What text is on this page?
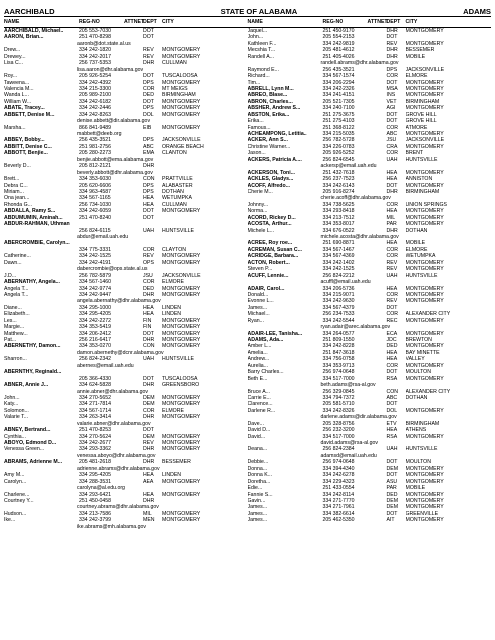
AARCHIBALD	STATE OF ALABAMA	ADAMS
NAME	REG-NO	ATTNET
DEPT CITY	NAME	REG-NO	ATTNET
DEPT CITY
AARCHIBALD, Michael..	205 553-7030	DOT
AARON, Brian...	251 470-8298	DOT
aaronb@dot.state.al.us
Drew...	334 242-1820	REV	MONTGOMERY
Drewey...	334 242-2017	REV	MONTGOMERY
Lisa C...	256 737-5353	DHR	CULLMAN
lisa.aaron@dhr.alabama.gov
Roy...	205 926-5254	DOT	TUSCALOOSA
Taweena...	334 242-4392	DPS	MONTGOMERY
Valencia M...	334 215-3300	COR	MT MEIGS
Wanda L...	205 989-2100	DED	BIRMINGHAM
William W...	334 242-6182	DOT	MONTGOMERY
ABATE, Tracey...	334 242-2446	DPS	MONTGOMERY
ABBETT, Denise M...	334 242-8263	DOL	MONTGOMERY
denise.abbett@dir.alabama.gov
Marsha...	866 841-9489	EIB	MONTGOMERY
mabbett@deeb.org
ABBEY, Bobby...	256 435-3521	DPS	JACKSONVILLE
ABBITT, Denise C...	251 981-2756	ABC	ORANGE BEACH
ABBOTT, Benjie...	205 280-2273	EMA	CLANTON
benjie.abbott@ema.alabama.gov
Beverly D...	205 812-2121	DHR
beverly.abbott@dhr.alabama.gov
Brett...	334 353-6030	CON	PRATTVILLE
Debra C...	205 620-6606	DPS	ALABASTER
Miriam...	334 963-4587	DPS	DOTHAN
Ona jean...	334 567-1165	HEA	WETUMPKA
Rhonda G...	256 734-1030	HEA	CULLMAN
ABDALLA, Ramy S...	334 242-6059	DOT	MONTGOMERY
ABDUMUMIN, Aminah...	251 470-8240	DOT
ABDUR-RAHMAN, Uthman
256 824-6115	UAH	HUNTSVILLE
abdur@email.uah.edu
ABERCROMBIE, Carolyn...
334 775-3331	COR	CLAYTON
Catherine...	334 242-1525	REV	MONTGOMERY
Dawn...	334 242-4191	OPS	MONTGOMERY
dabercrombie@ops.state.al.us
J.D...	256 782-5879	JSU	JACKSONVILLE
ABERNATHY, Angela...	334 567-1460	COR	ELMORE
Angela T...	334 242-9774	DED	MONTGOMERY
Angela T...	334 242-9447	DHR	MONTGOMERY
angela.abernathy@dhr.alabama.gov
Diane...	334 295-1000	HEA	LINDEN
Elizabeth...	334 295-4205	HEA	LINDEN
Les...	334 242-2272	FIN	MONTGOMERY
Margie...	334 353-5419	FIN	MONTGOMERY
Matthew...	334 206-2412	DOT	MONTGOMERY
Pat...	256 216-6417	DHR	MONTGOMERY
ABERNETHY, Damon...	334 353-0270	CON	MONTGOMERY
damon.abernethy@dcnr.alabama.gov
Sharron...	256 824-2342	UAH	HUNTSVILLE
abernes@email.uah.edu
ABERNTHY, Reginald...
205 366-4330	DOT	TUSCALOOSA
ABNER, Annie J...	334 624-5828	DHR	GREENSBORO
annie.abner@dhr.alabama.gov
John...	334 270-5652	DEM	MONTGOMERY
Katy...	334 271-7814	DEM	MONTGOMERY
Solomon...	334 567-1714	COR	ELMORE
Valarie T...	334 263-3414	DHR	MONTGOMERY
valarie.abner@dhr.alabama.gov
ABNEY, Bertrand...	251 470-8253	DOT
Cynthia...	334 270-5624	DEM	MONTGOMERY
ABOYO, Edmond D...	334 242-2677	REV	MONTGOMERY
Venessa Green...	334 293-3362	DHR	MONTGOMERY
venessa.aboyo@dhr.alabama.gov
ABRAMS, Adrienne M...	205 481-2618	DHR	BESSEMER
adrienne.abrams@dhr.alabama.gov
Amy M...	334 295-4205	HEA	LINDEN
Carolyn...	334 288-3531	AEA	MONTGOMERY
carolyna@al.edu.org
Charlene...	334 293-6421	HEA	MONTGOMERY
Courtney Y...	251 450-0458	DHR
courtney.abrams@dhr.alabama.gov
Hudson...	334 213-7586	MIL	MONTGOMERY
Ike...	334 242-3799	MEN	MONTGOMERY
ike.abrams@mh.alabama.gov
Jaquel...	251 450-9170	DHR	MONTGOMERY
John...	205 554-2153	DOT
Kathleen F...	334 242-9819	REV	MONTGOMERY
Mecshia T...	205 481-4612	DHR	BESSEMER
Randell A...	251 405-4026	DHR	MOBILE
randell.abrams@dhr.alabama.gov
Raymond E...	256 435-3521	DPS	JACKSONVILLE
Richard...	334 567-1574	COR	ELMORE
Tim...	334 206-2294	DOT	MONTGOMERY
ABRELL, Lynn M...	334 242-2326	MSA	MONTGOMERY
ABREO, Blase...	334 241-4151	INS	MONTGOMERY
ABRON, Charles...	205 521-7305	VET	BIRMINGHAM
ABSHER, Andrew S...	334 240-7100	AGI	MONTGOMERY
ABSTON, Erika...	251 275-3675	DOT	GROVE HILL
Erika...	251 275-4103	DOT	GROVE HILL
Famous...	251 368-8122	COR	ATMORE
ACHEAMPONG, Letitia..	334 215-5035	ABC	MONTGOMERY
ACKER, Ann S...	256 782-5728	JSU	JACKSONVILLE
Christine Warner...	334 226-0783	CRA	MONTGOMERY
Jason...	205 926-5252	COR	BRENT
ACKERS, Patricia A....	256 824-6545	UAH	HUNTSVILLE
ackersp@email.uah.edu
ACKERSON, Toni...	251 432-7618	HEA	MONTGOMERY
ACKLES, Gladys...	256 237-7523	HEA	ANNISTON
ACOFF, Alfredo...	334 242-6143	DOT	MONTGOMERY
Cherie M...	205 916-8274	DHR	BIRMINGHAM
cherie.acoff@dhr.alabama.gov
Johnny...	334 738-5625	COR	UNION SPRINGS
Norma...	334 293-8418	HEA	MONTGOMERY
ACORD, Rickey D...	334 213-7512	MIL	MONTGOMERY
ACOSTA, Arthur...	334 353-8017	PAR	MONTGOMERY
Michele L...	334 676-0522	DHR	DOTHAN
michele.acosta@dhr.alabama.gov
ACREE, Roy roe...	251 690-8871	HEA	MOBILE
ACREMAN, Susan C...	334 567-1467	COR	ELMORE
ACRIDGE, Barbara...	334 567-4369	COR	WETUMPKA
ACTON, Robert...	334 242-1402	REV	MONTGOMERY
Steven P...	334 242-1525	REV	MONTGOMERY
ACUFF, Lennie...	256 824-2212	UAH	HUNTSVILLE
acuffl@email.uah.edu
ADAIR, Carol...	334 206-5736	HEA	MONTGOMERY
Donald...	334 215-9071	COR	MONTGOMERY
Evonne L...	334 242-9630	REV	MONTGOMERY
James...	334 567-4379	DOT
Michael...	256 234-7533	COR	ALEXANDER CITY
Ryan...	334 242-5544	REC	MONTGOMERY
ryan.adair@arec.alabama.gov
ADAIR-LEE, Tanisha...	334 264-0577	ECA	MONTGOMERY
ADAMS, Ada...	251 809-1550	JDC	BREWTON
Amber L...	334 242-8228	DED	MONTGOMERY
Amelia...	251 847-3618	HEA	BAY MINETTE
Andrew...	334 756-0758	HEA	VALLEY
Aurelia...	334 353-9713	COR	MONTGOMERY
Barry Charles...	256 974-0648	DOT	MOULTON
Beth E...	334 517-7000	RSA	MONTGOMERY
beth.adams@rsa-al.gov
Bruce A...	256 329-0845	CON	ALEXANDER CITY
Carrie E...	334 794-7372	ABC	DOTHAN
Clarence...	205 581-5710	DOT
Darlene R...	334 242-8326	DOL	MONTGOMERY
darlene.adams@dir.alabama.gov
Dave...	205 328-8756	ETV	BIRMINGHAM
David D...	256 232-3200	HEA	ATHENS
David...	334 517-7000	RSA	MONTGOMERY
david.adams@rsa-al.gov
Deana...	256 824-2384	UAH	HUNTSVILLE
adamsd@email.uah.edu
Debbie...	256 974-0648	DOT	MOULTON
Donna...	334 394-4340	DEM	MONTGOMERY
Donna K...	334 242-6278	DOT	MONTGOMERY
Doretha...	334 229-4323	ASU	MONTGOMERY
Edie...	251 433-0554	PAR	MOBILE
Fannie S...	334 242-8114	DED	MONTGOMERY
Gavin...	334 271-7770	DEM	MONTGOMERY
James...	334 271-7961	DEM	MONTGOMERY
James...	334 382-6614	DOT	GREENVILLE
James...	205 462-5350	AIT	MONTGOMERY
